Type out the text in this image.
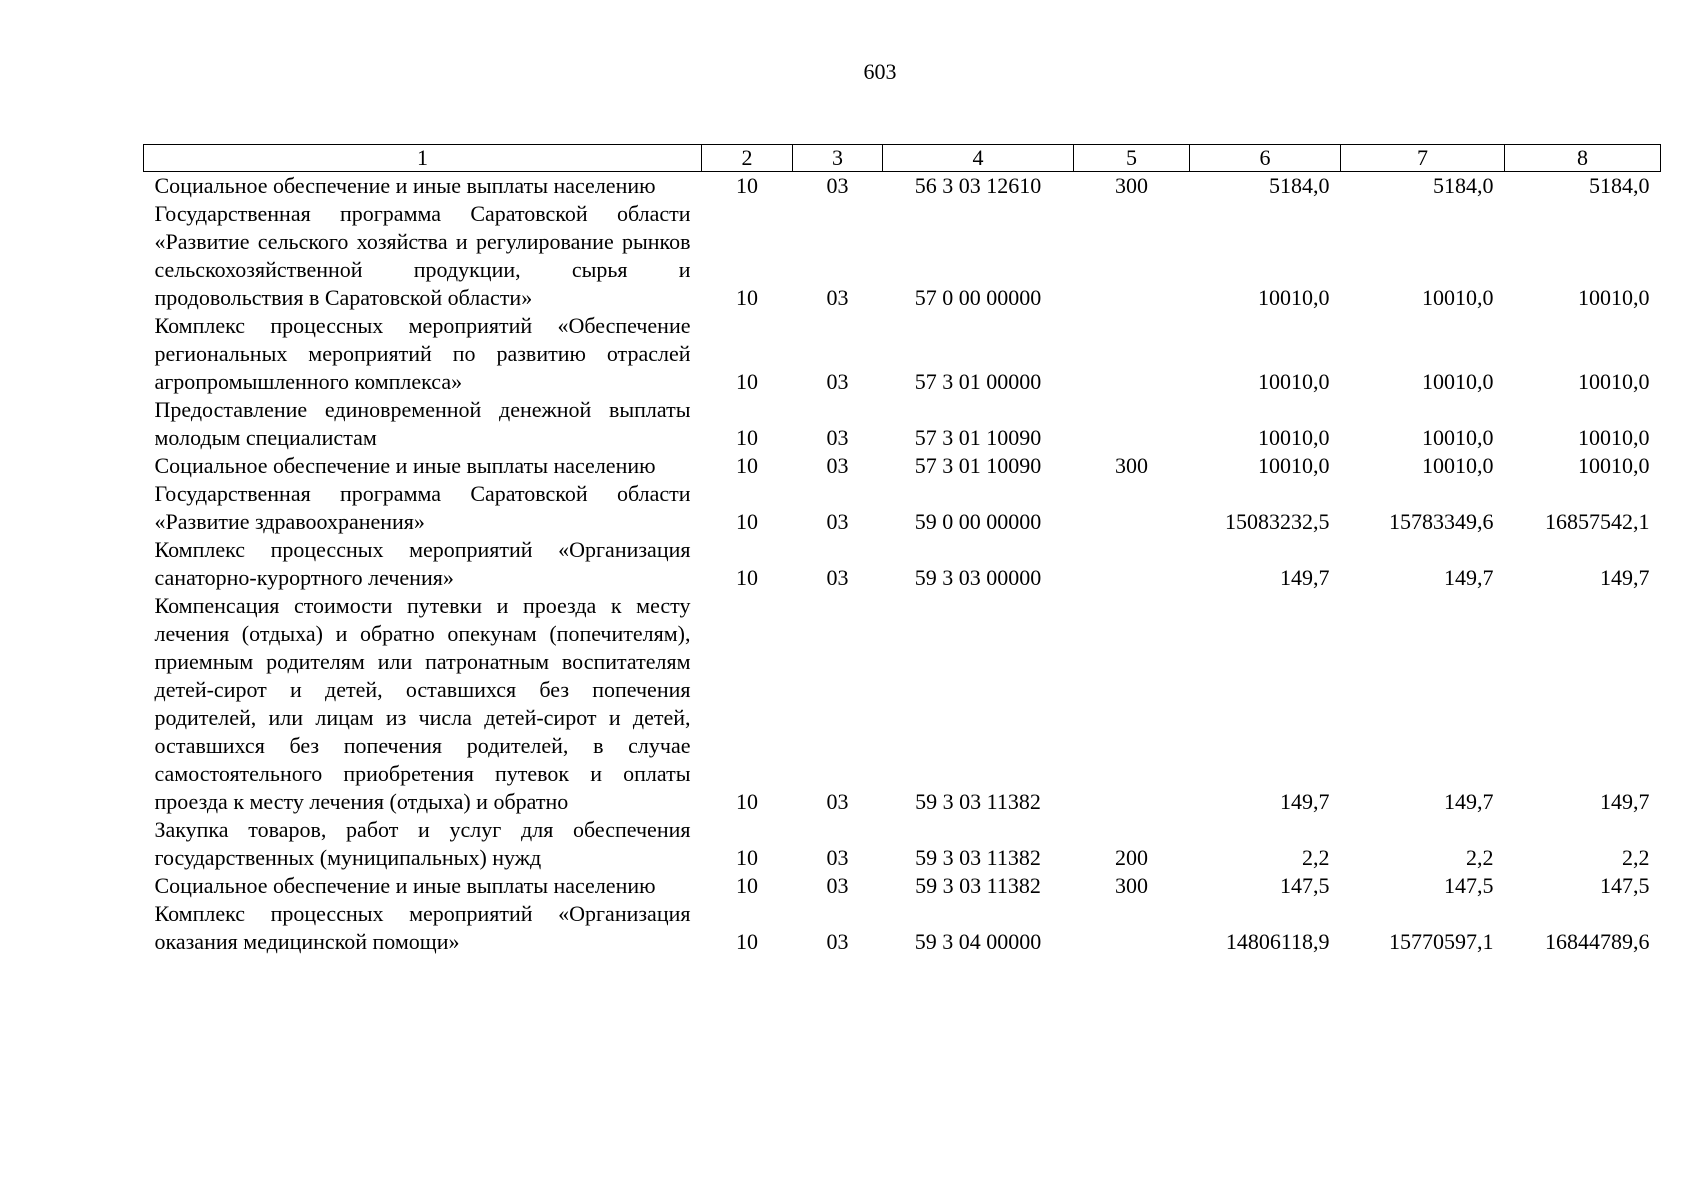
603
1	2	3	4	5	6	7	8
Социальное обеспечение и иные выплаты населению	10	03	56 3 03 12610	300	5184,0	5184,0	5184,0
Государственная программа Саратовской области «Развитие сельского хозяйства и регулирование рынков сельскохозяйственной продукции, сырья и продовольствия в Саратовской области»	10	03	57 0 00 00000		10010,0	10010,0	10010,0
Комплекс процессных мероприятий «Обеспечение региональных мероприятий по развитию отраслей агропромышленного комплекса»	10	03	57 3 01 00000		10010,0	10010,0	10010,0
Предоставление единовременной денежной выплаты молодым специалистам	10	03	57 3 01 10090		10010,0	10010,0	10010,0
Социальное обеспечение и иные выплаты населению	10	03	57 3 01 10090	300	10010,0	10010,0	10010,0
Государственная программа Саратовской области «Развитие здравоохранения»	10	03	59 0 00 00000		15083232,5	15783349,6	16857542,1
Комплекс процессных мероприятий «Организация санаторно-курортного лечения»	10	03	59 3 03 00000		149,7	149,7	149,7
Компенсация стоимости путевки и проезда к месту лечения (отдыха) и обратно опекунам (попечителям), приемным родителям или патронатным воспитателям детей-сирот и детей, оставшихся без попечения родителей, или лицам из числа детей-сирот и детей, оставшихся без попечения родителей, в случае самостоятельного приобретения путевок и оплаты проезда к месту лечения (отдыха) и обратно	10	03	59 3 03 11382		149,7	149,7	149,7
Закупка товаров, работ и услуг для обеспечения государственных (муниципальных) нужд	10	03	59 3 03 11382	200	2,2	2,2	2,2
Социальное обеспечение и иные выплаты населению	10	03	59 3 03 11382	300	147,5	147,5	147,5
Комплекс процессных мероприятий «Организация оказания медицинской помощи»	10	03	59 3 04 00000		14806118,9	15770597,1	16844789,6
